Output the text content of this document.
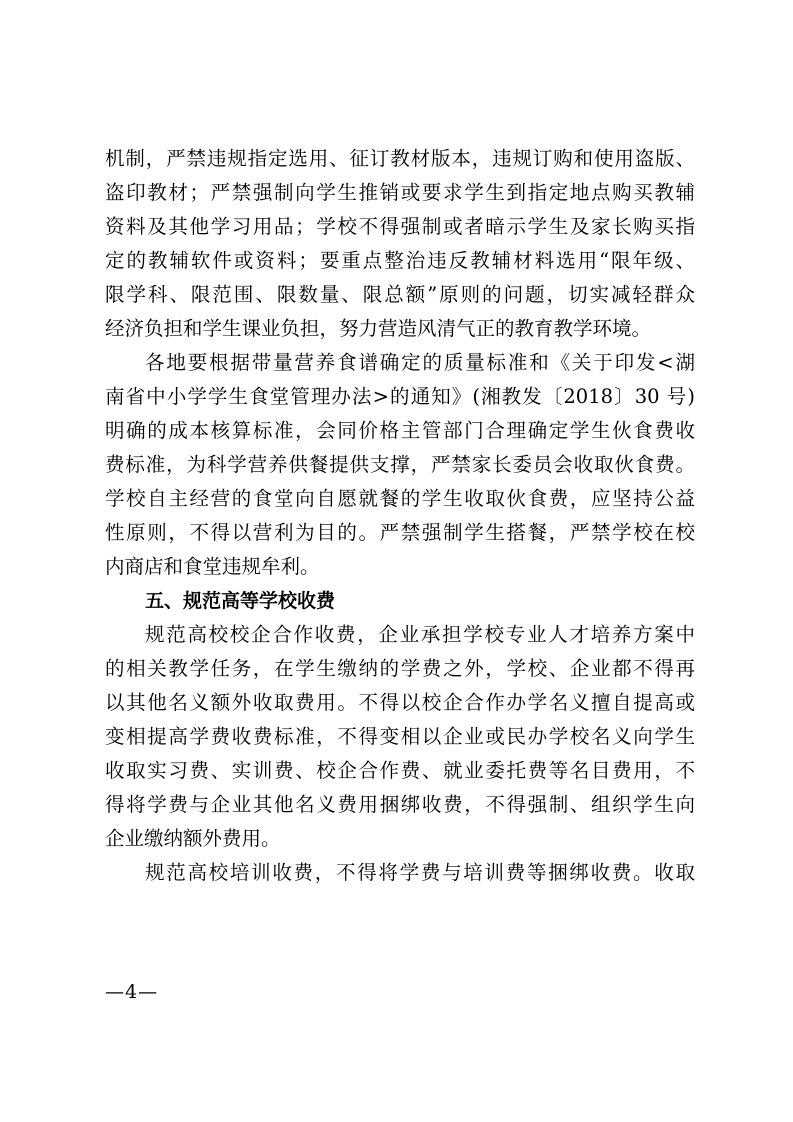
机制，严禁违规指定选用、征订教材版本，违规订购和使用盗版、
盗印教材；严禁强制向学生推销或要求学生到指定地点购买教辅
资料及其他学习用品；学校不得强制或者暗示学生及家长购买指
定的教辅软件或资料；要重点整治违反教辅材料选用“限年级、
限学科、限范围、限数量、限总额”原则的问题，切实减轻群众
经济负担和学生课业负担，努力营造风清气正的教育教学环境。
各地要根据带量营养食谱确定的质量标准和《关于印发<湖
南省中小学学生食堂管理办法>的通知》(湘教发〔2018〕30 号)
明确的成本核算标准，会同价格主管部门合理确定学生伙食费收
费标准，为科学营养供餐提供支撑，严禁家长委员会收取伙食费。
学校自主经营的食堂向自愿就餐的学生收取伙食费，应坚持公益
性原则，不得以营利为目的。严禁强制学生搭餐，严禁学校在校
内商店和食堂违规牟利。
五、规范高等学校收费
规范高校校企合作收费，企业承担学校专业人才培养方案中
的相关教学任务，在学生缴纳的学费之外，学校、企业都不得再
以其他名义额外收取费用。不得以校企合作办学名义擅自提高或
变相提高学费收费标准，不得变相以企业或民办学校名义向学生
收取实习费、实训费、校企合作费、就业委托费等名目费用，不
得将学费与企业其他名义费用捆绑收费，不得强制、组织学生向
企业缴纳额外费用。
规范高校培训收费，不得将学费与培训费等捆绑收费。收取
—4—
